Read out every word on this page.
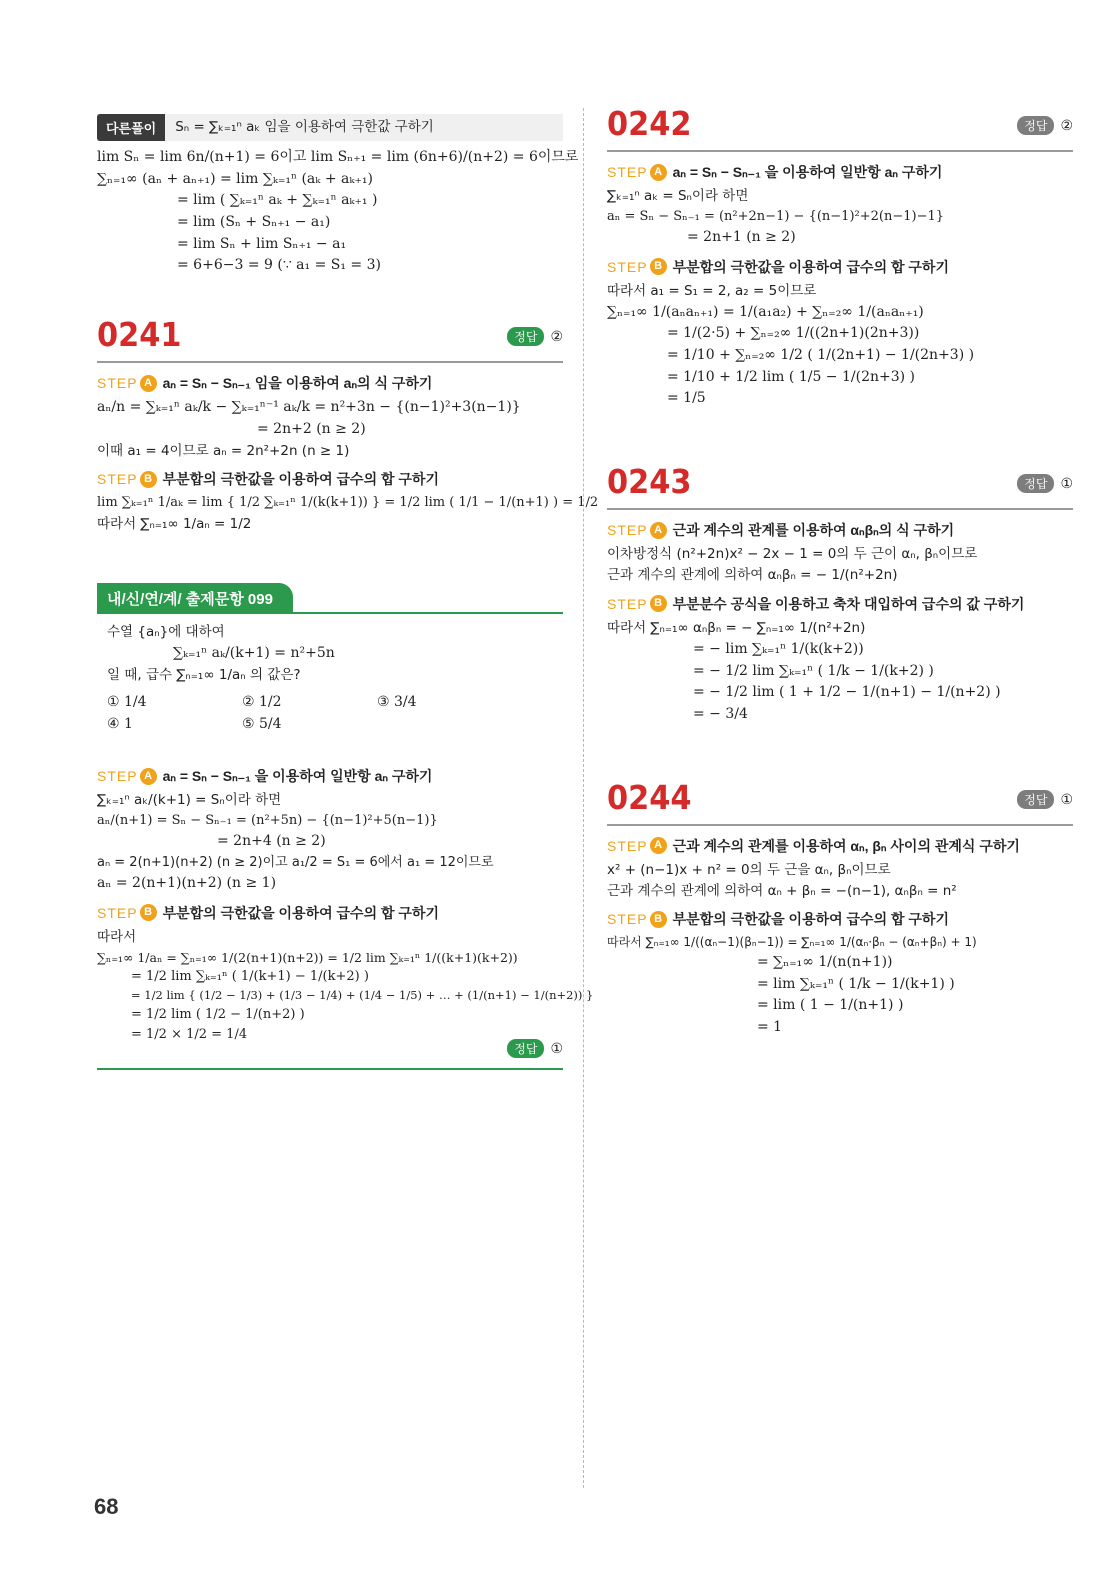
다른풀이	Sₙ = ∑ₖ₌₁ⁿ aₖ 임을 이용하여 극한값 구하기
lim Sₙ = lim 6n/(n+1) = 6이고 lim Sₙ₊₁ = lim (6n+6)/(n+2) = 6이므로
∑ₙ₌₁∞ (aₙ + aₙ₊₁) = lim ∑ₖ₌₁ⁿ (aₖ + aₖ₊₁)
= lim ( ∑ₖ₌₁ⁿ aₖ + ∑ₖ₌₁ⁿ aₖ₊₁ )
= lim (Sₙ + Sₙ₊₁ − a₁)
= lim Sₙ + lim Sₙ₊₁ − a₁
= 6+6−3 = 9 (∵ a₁ = S₁ = 3)
0241	정답 ②
STEP A aₙ = Sₙ − Sₙ₋₁ 임을 이용하여 aₙ의 식 구하기
aₙ/n = ∑ₖ₌₁ⁿ aₖ/k − ∑ₖ₌₁ⁿ⁻¹ aₖ/k = n²+3n − {(n−1)²+3(n−1)}
= 2n+2 (n ≥ 2)
이때 a₁ = 4이므로 aₙ = 2n²+2n (n ≥ 1)
STEP B 부분합의 극한값을 이용하여 급수의 합 구하기
lim ∑ₖ₌₁ⁿ 1/aₖ = lim { 1/2 ∑ₖ₌₁ⁿ 1/(k(k+1)) } = 1/2 lim ( 1/1 − 1/(n+1) ) = 1/2
따라서 ∑ₙ₌₁∞ 1/aₙ = 1/2
내/신/연/계/ 출제문항 099
수열 {aₙ}에 대하여
∑ₖ₌₁ⁿ aₖ/(k+1) = n²+5n
일 때, 급수 ∑ₙ₌₁∞ 1/aₙ 의 값은?
① 1/4	② 1/2	③ 3/4
④ 1	⑤ 5/4
STEP A aₙ = Sₙ − Sₙ₋₁ 을 이용하여 일반항 aₙ 구하기
∑ₖ₌₁ⁿ aₖ/(k+1) = Sₙ이라 하면
aₙ/(n+1) = Sₙ − Sₙ₋₁ = (n²+5n) − {(n−1)²+5(n−1)}
= 2n+4 (n ≥ 2)
aₙ = 2(n+1)(n+2) (n ≥ 2)이고 a₁/2 = S₁ = 6에서 a₁ = 12이므로
aₙ = 2(n+1)(n+2) (n ≥ 1)
STEP B 부분합의 극한값을 이용하여 급수의 합 구하기
따라서
∑ₙ₌₁∞ 1/aₙ = ∑ₙ₌₁∞ 1/(2(n+1)(n+2)) = 1/2 lim ∑ₖ₌₁ⁿ 1/((k+1)(k+2))
= 1/2 lim ∑ₖ₌₁ⁿ ( 1/(k+1) − 1/(k+2) )
= 1/2 lim { (1/2 − 1/3) + (1/3 − 1/4) + (1/4 − 1/5) + … + (1/(n+1) − 1/(n+2)) }
= 1/2 lim ( 1/2 − 1/(n+2) )
= 1/2 × 1/2 = 1/4
정답 ①
0242	정답 ②
STEP A aₙ = Sₙ − Sₙ₋₁ 을 이용하여 일반항 aₙ 구하기
∑ₖ₌₁ⁿ aₖ = Sₙ이라 하면
aₙ = Sₙ − Sₙ₋₁ = (n²+2n−1) − {(n−1)²+2(n−1)−1}
= 2n+1 (n ≥ 2)
STEP B 부분합의 극한값을 이용하여 급수의 합 구하기
따라서 a₁ = S₁ = 2, a₂ = 5이므로
∑ₙ₌₁∞ 1/(aₙaₙ₊₁) = 1/(a₁a₂) + ∑ₙ₌₂∞ 1/(aₙaₙ₊₁)
= 1/(2·5) + ∑ₙ₌₂∞ 1/((2n+1)(2n+3))
= 1/10 + ∑ₙ₌₂∞ 1/2 ( 1/(2n+1) − 1/(2n+3) )
= 1/10 + 1/2 lim ( 1/5 − 1/(2n+3) )
= 1/5
0243	정답 ①
STEP A 근과 계수의 관계를 이용하여 αₙβₙ의 식 구하기
이차방정식 (n²+2n)x² − 2x − 1 = 0의 두 근이 αₙ, βₙ이므로
근과 계수의 관계에 의하여 αₙβₙ = − 1/(n²+2n)
STEP B 부분분수 공식을 이용하고 축차 대입하여 급수의 값 구하기
따라서 ∑ₙ₌₁∞ αₙβₙ = − ∑ₙ₌₁∞ 1/(n²+2n)
= − lim ∑ₖ₌₁ⁿ 1/(k(k+2))
= − 1/2 lim ∑ₖ₌₁ⁿ ( 1/k − 1/(k+2) )
= − 1/2 lim ( 1 + 1/2 − 1/(n+1) − 1/(n+2) )
= − 3/4
0244	정답 ①
STEP A 근과 계수의 관계를 이용하여 αₙ, βₙ 사이의 관계식 구하기
x² + (n−1)x + n² = 0의 두 근을 αₙ, βₙ이므로
근과 계수의 관계에 의하여 αₙ + βₙ = −(n−1), αₙβₙ = n²
STEP B 부분합의 극한값을 이용하여 급수의 합 구하기
따라서 ∑ₙ₌₁∞ 1/((αₙ−1)(βₙ−1)) = ∑ₙ₌₁∞ 1/(αₙ·βₙ − (αₙ+βₙ) + 1)
= ∑ₙ₌₁∞ 1/(n(n+1))
= lim ∑ₖ₌₁ⁿ ( 1/k − 1/(k+1) )
= lim ( 1 − 1/(n+1) )
= 1
68
